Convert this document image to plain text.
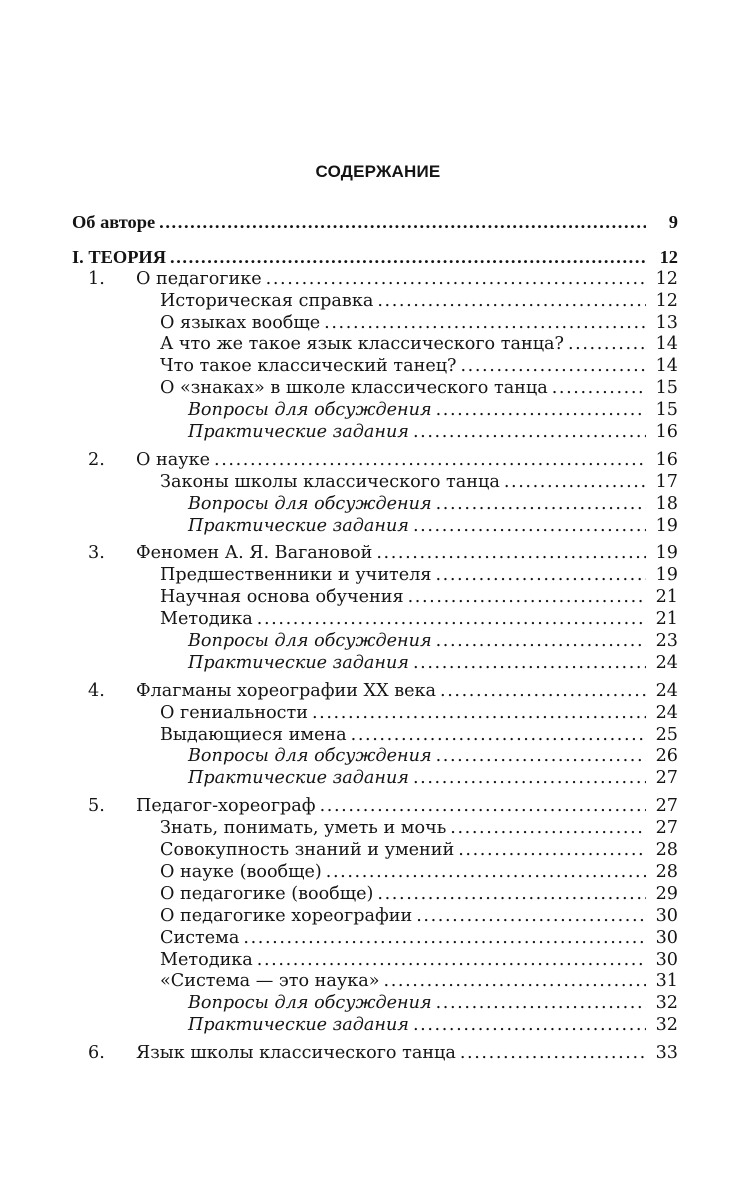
СОДЕРЖАНИЕ
Об авторе .....	9
I. ТЕОРИЯ .....	12
1.	О педагогике .....	12
Историческая справка .....	12
О языках вообще .....	13
А что же такое язык классического танца? .....	14
Что такое классический танец? .....	14
О «знаках» в школе классического танца .....	15
Вопросы для обсуждения .....	15
Практические задания .....	16
2.	О науке .....	16
Законы школы классического танца .....	17
Вопросы для обсуждения .....	18
Практические задания .....	19
3.	Феномен А. Я. Вагановой .....	19
Предшественники и учителя .....	19
Научная основа обучения .....	21
Методика .....	21
Вопросы для обсуждения .....	23
Практические задания .....	24
4.	Флагманы хореографии XX века .....	24
О гениальности .....	24
Выдающиеся имена .....	25
Вопросы для обсуждения .....	26
Практические задания .....	27
5.	Педагог-хореограф .....	27
Знать, понимать, уметь и мочь .....	27
Совокупность знаний и умений .....	28
О науке (вообще) .....	28
О педагогике (вообще) .....	29
О педагогике хореографии .....	30
Система .....	30
Методика .....	30
«Система — это наука» .....	31
Вопросы для обсуждения .....	32
Практические задания .....	32
6.	Язык школы классического танца .....	33
